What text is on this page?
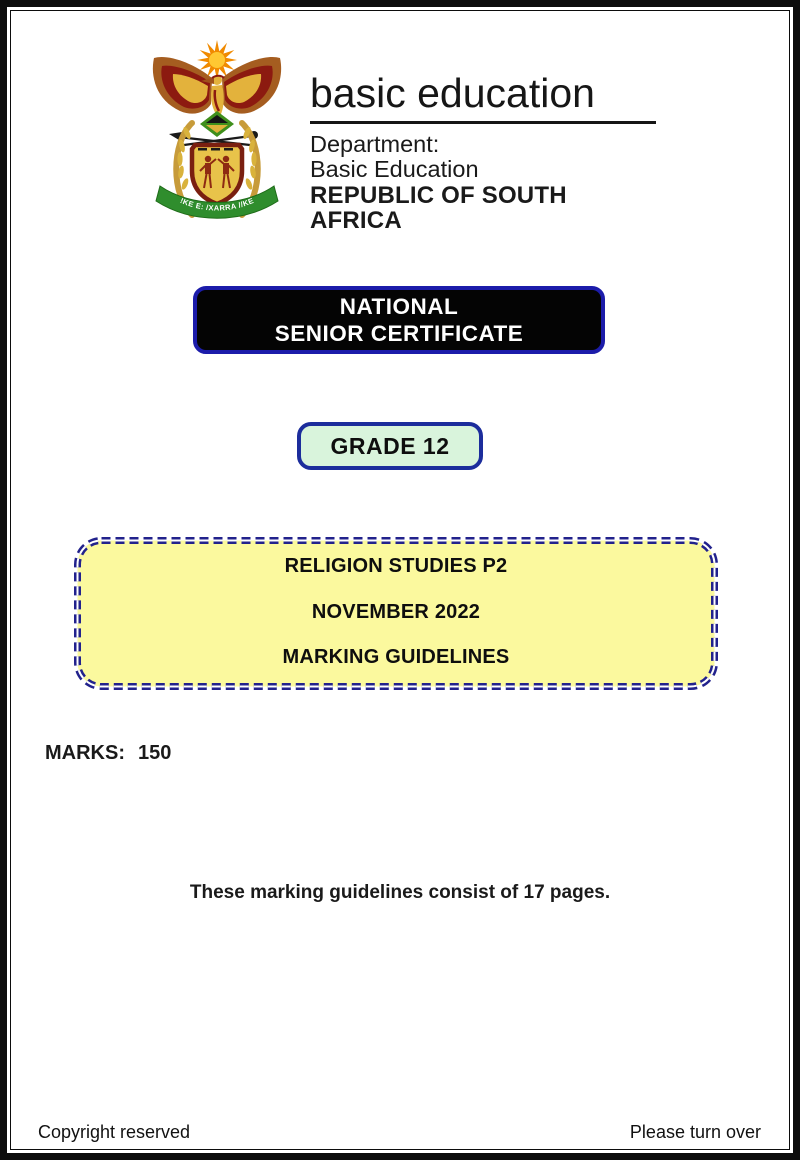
!KE E: /XARRA //KE
basic education
Department:
Basic Education
REPUBLIC OF SOUTH AFRICA
NATIONAL
SENIOR CERTIFICATE
GRADE 12
RELIGION STUDIES P2
NOVEMBER 2022
MARKING GUIDELINES
MARKS: 150
These marking guidelines consist of 17 pages.
Copyright reserved	Please turn over
